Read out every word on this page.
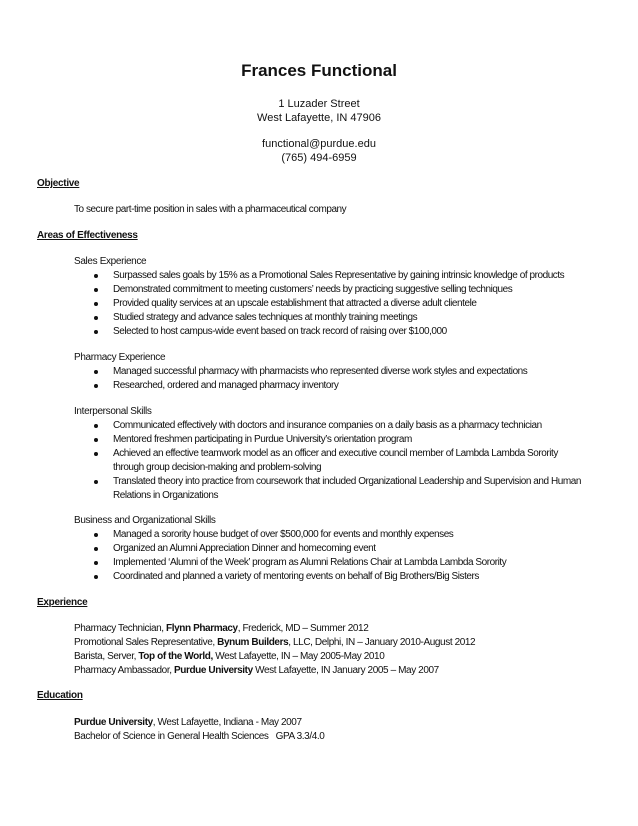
Frances Functional
1 Luzader Street
West Lafayette, IN 47906
functional@purdue.edu
(765) 494-6959
Objective
To secure part-time position in sales with a pharmaceutical company
Areas of Effectiveness
Sales Experience
Surpassed sales goals by 15% as a Promotional Sales Representative by gaining intrinsic knowledge of products
Demonstrated commitment to meeting customers’ needs by practicing suggestive selling techniques
Provided quality services at an upscale establishment that attracted a diverse adult clientele
Studied strategy and advance sales techniques at monthly training meetings
Selected to host campus-wide event based on track record of raising over $100,000
Pharmacy Experience
Managed successful pharmacy with pharmacists who represented diverse work styles and expectations
Researched, ordered and managed pharmacy inventory
Interpersonal Skills
Communicated effectively with doctors and insurance companies on a daily basis as a pharmacy technician
Mentored freshmen participating in Purdue University’s orientation program
Achieved an effective teamwork model as an officer and executive council member of Lambda Lambda Sorority through group decision-making and problem-solving
Translated theory into practice from coursework that included Organizational Leadership and Supervision and Human Relations in Organizations
Business and Organizational Skills
Managed a sorority house budget of over $500,000 for events and monthly expenses
Organized an Alumni Appreciation Dinner and homecoming event
Implemented ‘Alumni of the Week’ program as Alumni Relations Chair at Lambda Lambda Sorority
Coordinated and planned a variety of mentoring events on behalf of Big Brothers/Big Sisters
Experience
Pharmacy Technician, Flynn Pharmacy, Frederick, MD – Summer 2012
Promotional Sales Representative, Bynum Builders, LLC, Delphi, IN – January 2010-August 2012
Barista, Server, Top of the World, West Lafayette, IN – May 2005-May 2010
Pharmacy Ambassador, Purdue University West Lafayette, IN January 2005 – May 2007
Education
Purdue University, West Lafayette, Indiana - May 2007
Bachelor of Science in General Health Sciences   GPA 3.3/4.0
